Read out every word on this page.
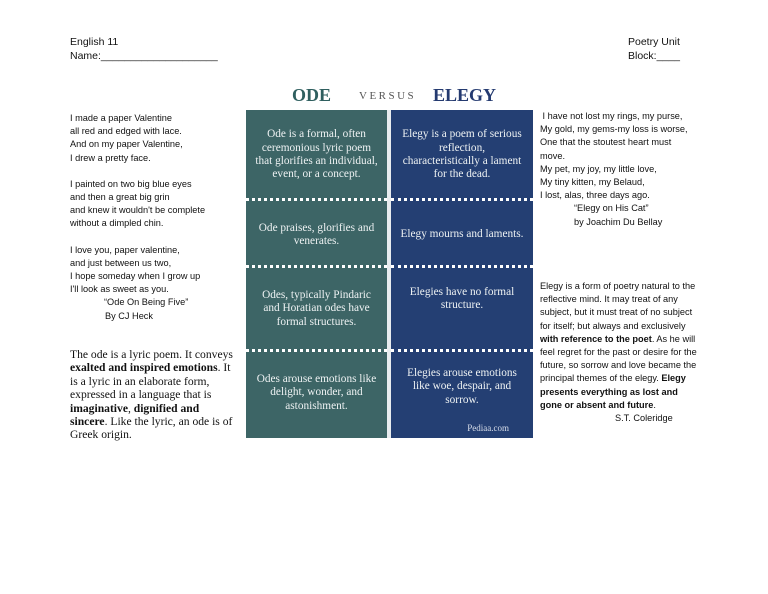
English 11
Name:____________________
Poetry Unit
Block:____
I made a paper Valentine
all red and edged with lace.
And on my paper Valentine,
I drew a pretty face.
I painted on two big blue eyes
and then a great big grin
and knew it wouldn't be complete
without a dimpled chin.
I love you, paper valentine,
and just between us two,
I hope someday when I grow up
I'll look as sweet as you.
“Ode On Being Five”
By CJ Heck
The ode is a lyric poem. It conveys exalted and inspired emotions. It is a lyric in an elaborate form, expressed in a language that is imaginative, dignified and sincere. Like the lyric, an ode is of Greek origin.
ODE	VERSUS ELEGY
Ode is a formal, often ceremonious lyric poem that glorifies an individual, event, or a concept.
Ode praises, glorifies and venerates.
Odes, typically Pindaric and Horatian odes have formal structures.
Odes arouse emotions like delight, wonder, and astonishment.
Elegy is a poem of serious reflection, characteristically a lament for the dead.
Elegy mourns and laments.
Elegies have no formal structure.
Elegies arouse emotions like woe, despair, and sorrow.
Pediaa.com
I have not lost my rings, my purse,
My gold, my gems-my loss is worse,
One that the stoutest heart must
move.
My pet, my joy, my little love,
My tiny kitten, my Belaud,
I lost, alas, three days ago.
“Elegy on His Cat”
by Joachim Du Bellay
Elegy is a form of poetry natural to the reflective mind. It may treat of any subject, but it must treat of no subject for itself; but always and exclusively with reference to the poet. As he will feel regret for the past or desire for the future, so sorrow and love became the principal themes of the elegy. Elegy presents everything as lost and gone or absent and future.
S.T. Coleridge
